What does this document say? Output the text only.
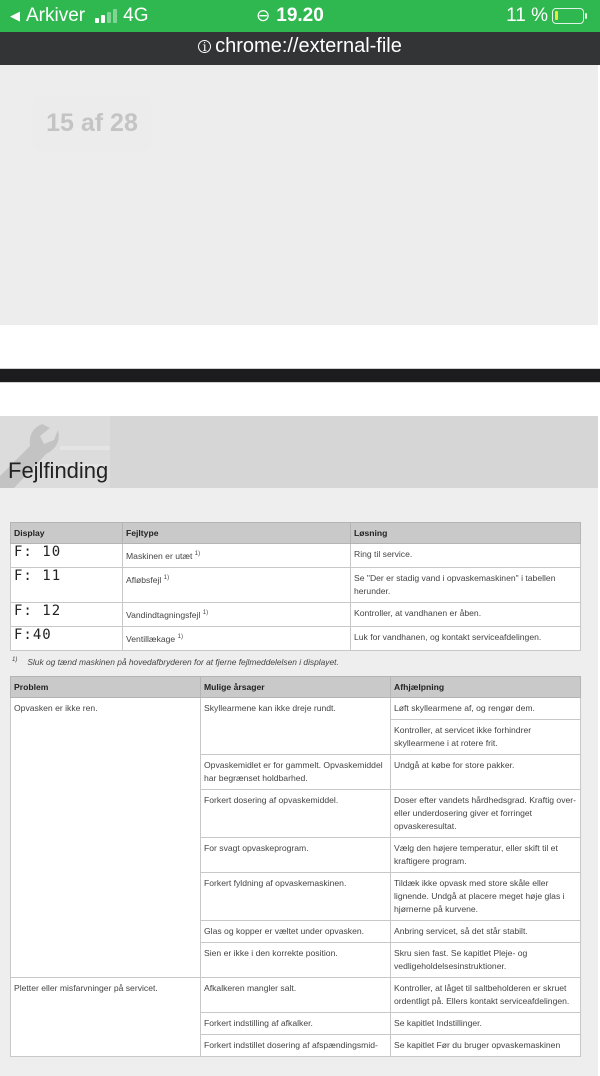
◀ Arkiver 4G	⊖ 19.20	11 %
i chrome://external-file
15 af 28
Fejlfinding
Display	Fejltype	Løsning
F: 10	Maskinen er utæt $^{1)}$	Ring til service.
F: 11	Afløbsfejl $^{1)}$	Se "Der er stadig vand i opvaskemaskinen" i tabellen herunder.
F: 12	Vandindtagningsfejl $^{1)}$	Kontroller, at vandhanen er åben.
F:40	Ventillækage $^{1)}$	Luk for vandhanen, og kontakt serviceafdelingen.
$^{1)}$ Sluk og tænd maskinen på hovedafbryderen for at fjerne fejlmeddelelsen i displayet.
Problem	Mulige årsager	Afhjælpning
Opvasken er ikke ren.	Skyllearmene kan ikke dreje rundt.	Løft skyllearmene af, og rengør dem.
		Kontroller, at servicet ikke forhindrer skyllearmene i at rotere frit.
	Opvaskemidlet er for gammelt. Opvaskemiddel har begrænset holdbarhed.	Undgå at købe for store pakker.
	Forkert dosering af opvaskemiddel.	Doser efter vandets hårdhedsgrad. Kraftig over- eller underdosering giver et forringet opvaskeresultat.
	For svagt opvaskeprogram.	Vælg den højere temperatur, eller skift til et kraftigere program.
	Forkert fyldning af opvaskemaskinen.	Tildæk ikke opvask med store skåle eller lignende. Undgå at placere meget høje glas i hjørnerne på kurvene.
	Glas og kopper er væltet under opvasken.	Anbring servicet, så det står stabilt.
	Sien er ikke i den korrekte position.	Skru sien fast. Se kapitlet Pleje- og vedligeholdelsesinstruktioner.
Pletter eller misfarvninger på servicet.	Afkalkeren mangler salt.	Kontroller, at låget til saltbeholderen er skruet ordentligt på. Ellers kontakt serviceafdelingen.
	Forkert indstilling af afkalker.	Se kapitlet Indstillinger.
	Forkert indstillet dosering af afspændingsmid-	Se kapitlet Før du bruger opvaskemaskinen
